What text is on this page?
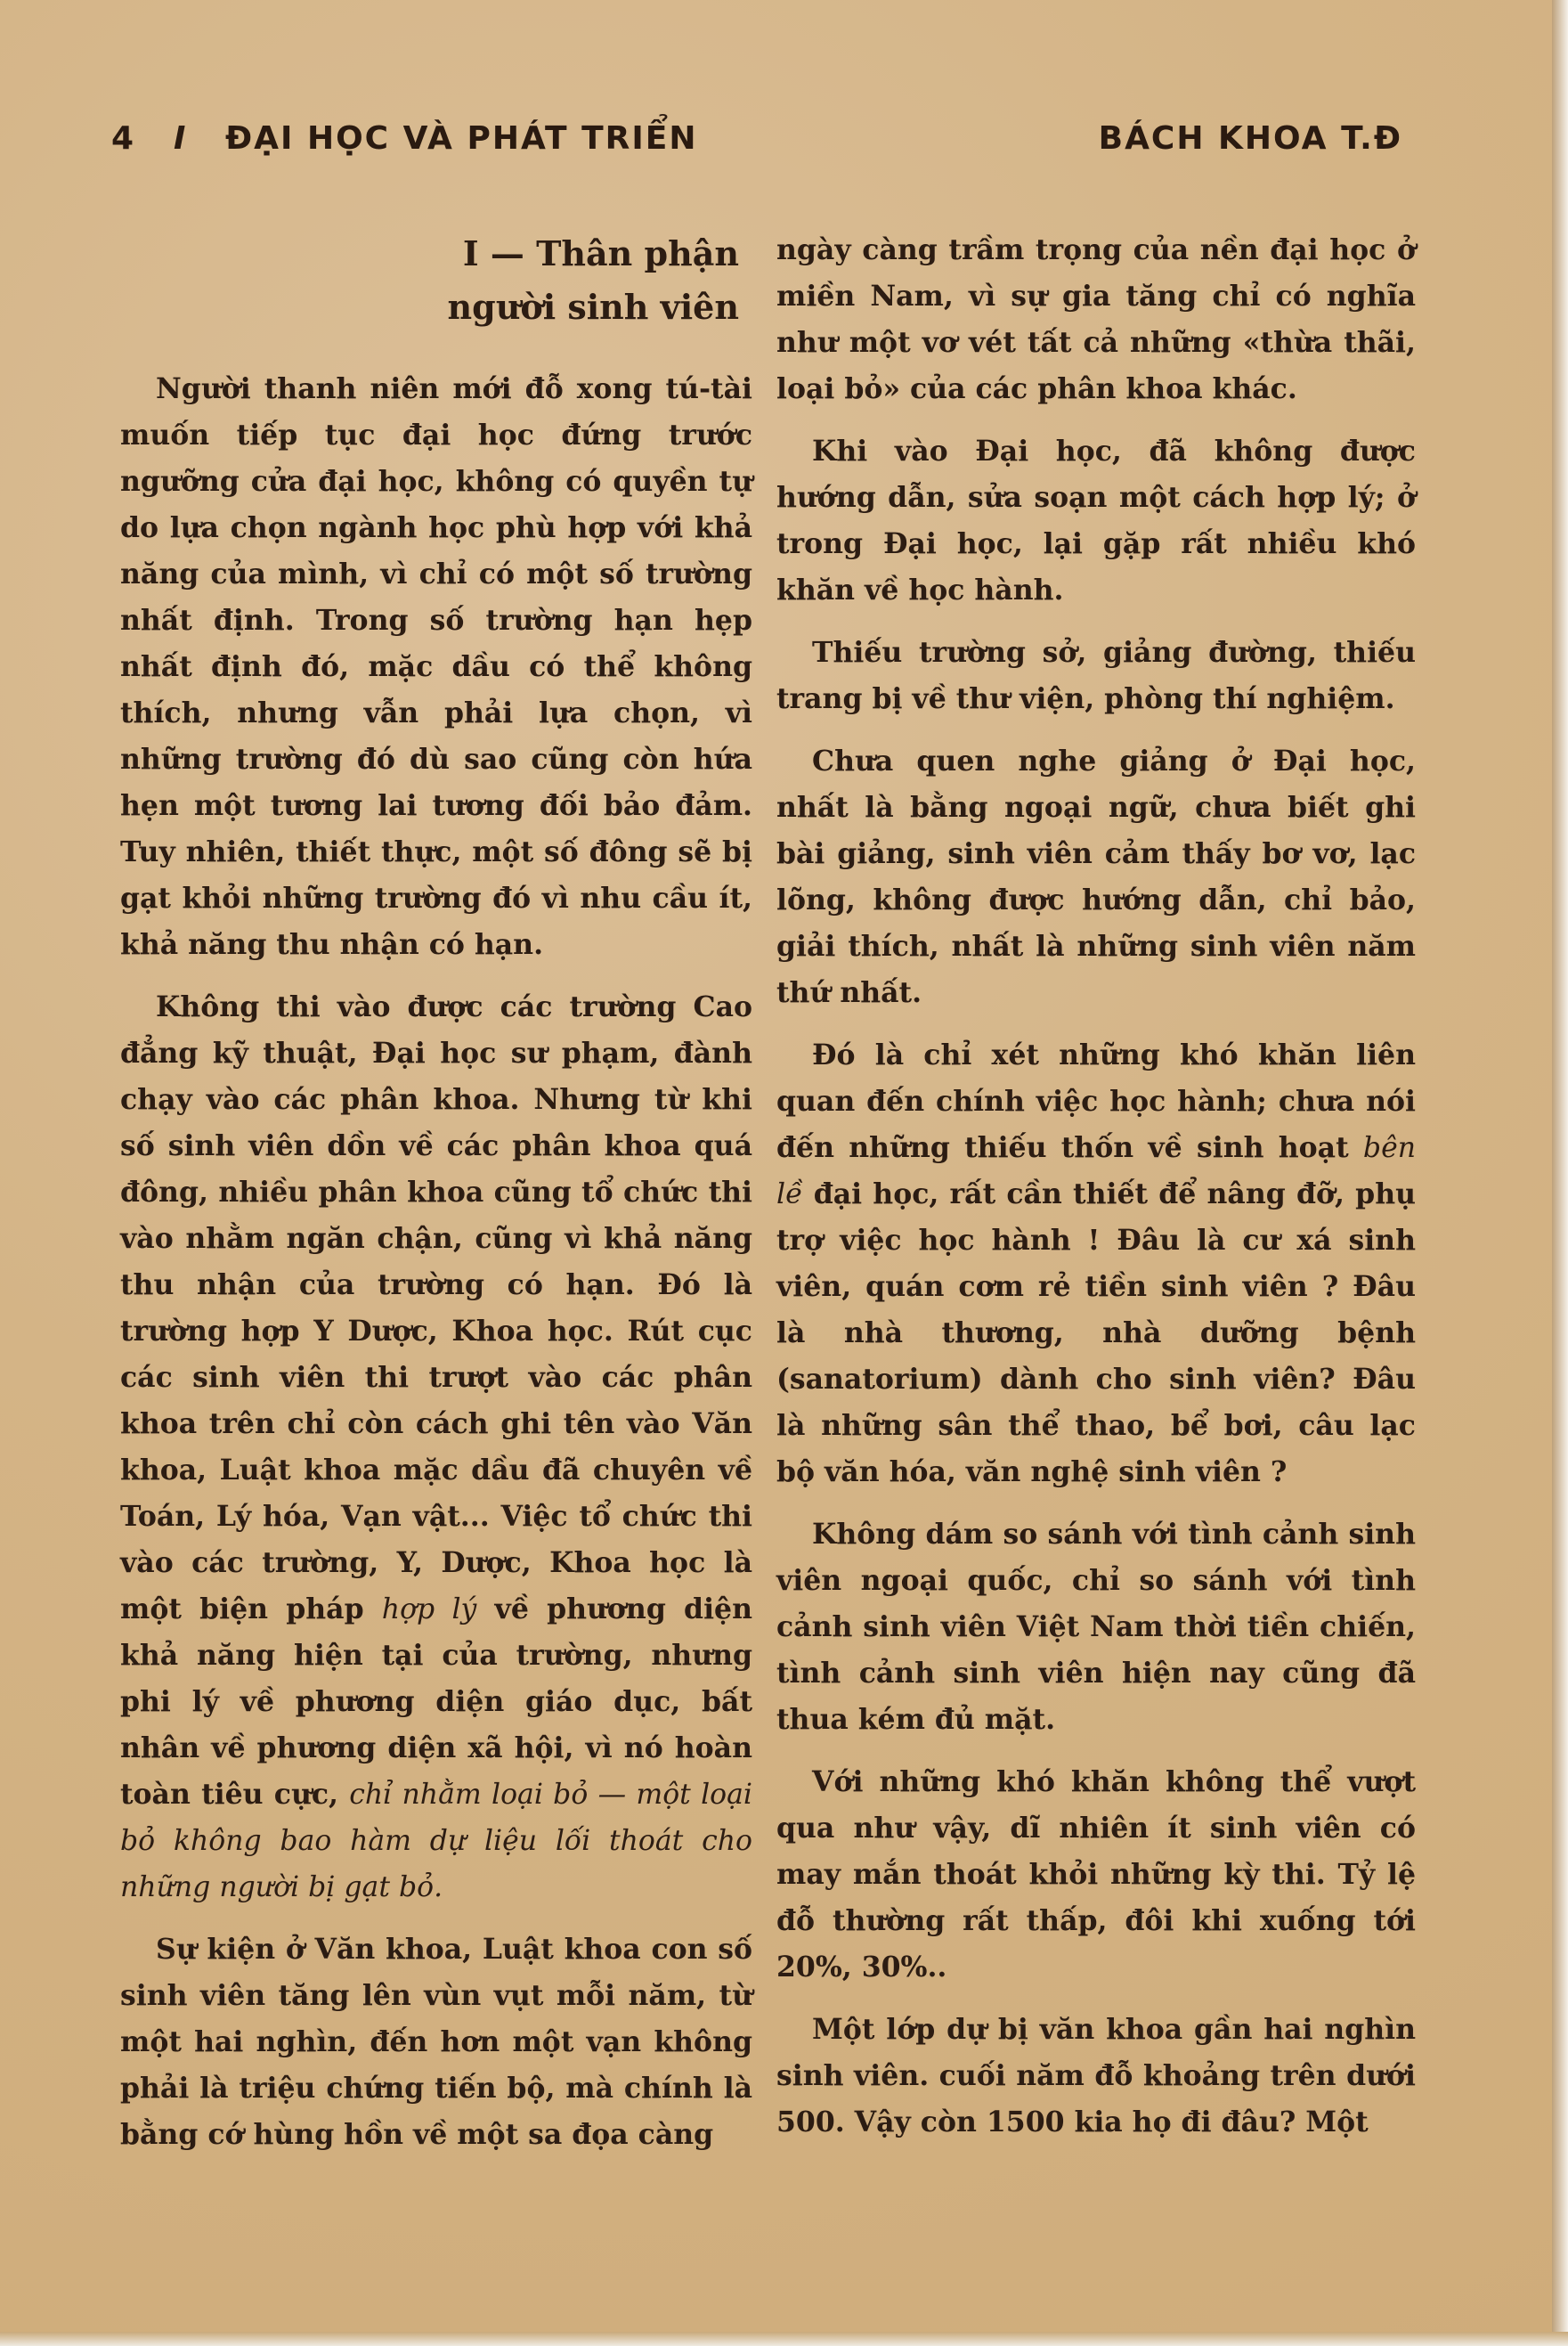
4 I ĐẠI HỌC VÀ PHÁT TRIỂN	BÁCH KHOA T.Đ
I — Thân phận
người sinh viên

Người thanh niên mới đỗ xong tú-tài muốn tiếp tục đại học đứng trước ngưỡng cửa đại học, không có quyền tự do lựa chọn ngành học phù hợp với khả năng của mình, vì chỉ có một số trường nhất định. Trong số trường hạn hẹp nhất định đó, mặc dầu có thể không thích, nhưng vẫn phải lựa chọn, vì những trường đó dù sao cũng còn hứa hẹn một tương lai tương đối bảo đảm. Tuy nhiên, thiết thực, một số đông sẽ bị gạt khỏi những trường đó vì nhu cầu ít, khả năng thu nhận có hạn.

Không thi vào được các trường Cao đẳng kỹ thuật, Đại học sư phạm, đành chạy vào các phân khoa. Nhưng từ khi số sinh viên dồn về các phân khoa quá đông, nhiều phân khoa cũng tổ chức thi vào nhằm ngăn chận, cũng vì khả năng thu nhận của trường có hạn. Đó là trường hợp Y Dược, Khoa học. Rút cục các sinh viên thi trượt vào các phân khoa trên chỉ còn cách ghi tên vào Văn khoa, Luật khoa mặc dầu đã chuyên về Toán, Lý hóa, Vạn vật... Việc tổ chức thi vào các trường, Y, Dược, Khoa học là một biện pháp hợp lý về phương diện khả năng hiện tại của trường, nhưng phi lý về phương diện giáo dục, bất nhân về phương diện xã hội, vì nó hoàn toàn tiêu cực, chỉ nhằm loại bỏ — một loại bỏ không bao hàm dự liệu lối thoát cho những người bị gạt bỏ.

Sự kiện ở Văn khoa, Luật khoa con số sinh viên tăng lên vùn vụt mỗi năm, từ một hai nghìn, đến hơn một vạn không phải là triệu chứng tiến bộ, mà chính là bằng cớ hùng hồn về một sa đọa càng

ngày càng trầm trọng của nền đại học ở miền Nam, vì sự gia tăng chỉ có nghĩa như một vơ vét tất cả những «thừa thãi, loại bỏ» của các phân khoa khác.

Khi vào Đại học, đã không được hướng dẫn, sửa soạn một cách hợp lý; ở trong Đại học, lại gặp rất nhiều khó khăn về học hành.

Thiếu trường sở, giảng đường, thiếu trang bị về thư viện, phòng thí nghiệm.

Chưa quen nghe giảng ở Đại học, nhất là bằng ngoại ngữ, chưa biết ghi bài giảng, sinh viên cảm thấy bơ vơ, lạc lõng, không được hướng dẫn, chỉ bảo, giải thích, nhất là những sinh viên năm thứ nhất.

Đó là chỉ xét những khó khăn liên quan đến chính việc học hành; chưa nói đến những thiếu thốn về sinh hoạt bên lề đại học, rất cần thiết để nâng đỡ, phụ trợ việc học hành ! Đâu là cư xá sinh viên, quán cơm rẻ tiền sinh viên ? Đâu là nhà thương, nhà dưỡng bệnh (sanatorium) dành cho sinh viên? Đâu là những sân thể thao, bể bơi, câu lạc bộ văn hóa, văn nghệ sinh viên ?

Không dám so sánh với tình cảnh sinh viên ngoại quốc, chỉ so sánh với tình cảnh sinh viên Việt Nam thời tiền chiến, tình cảnh sinh viên hiện nay cũng đã thua kém đủ mặt.

Với những khó khăn không thể vượt qua như vậy, dĩ nhiên ít sinh viên có may mắn thoát khỏi những kỳ thi. Tỷ lệ đỗ thường rất thấp, đôi khi xuống tới 20%, 30%..

Một lớp dự bị văn khoa gần hai nghìn sinh viên. cuối năm đỗ khoảng trên dưới 500. Vậy còn 1500 kia họ đi đâu? Một
